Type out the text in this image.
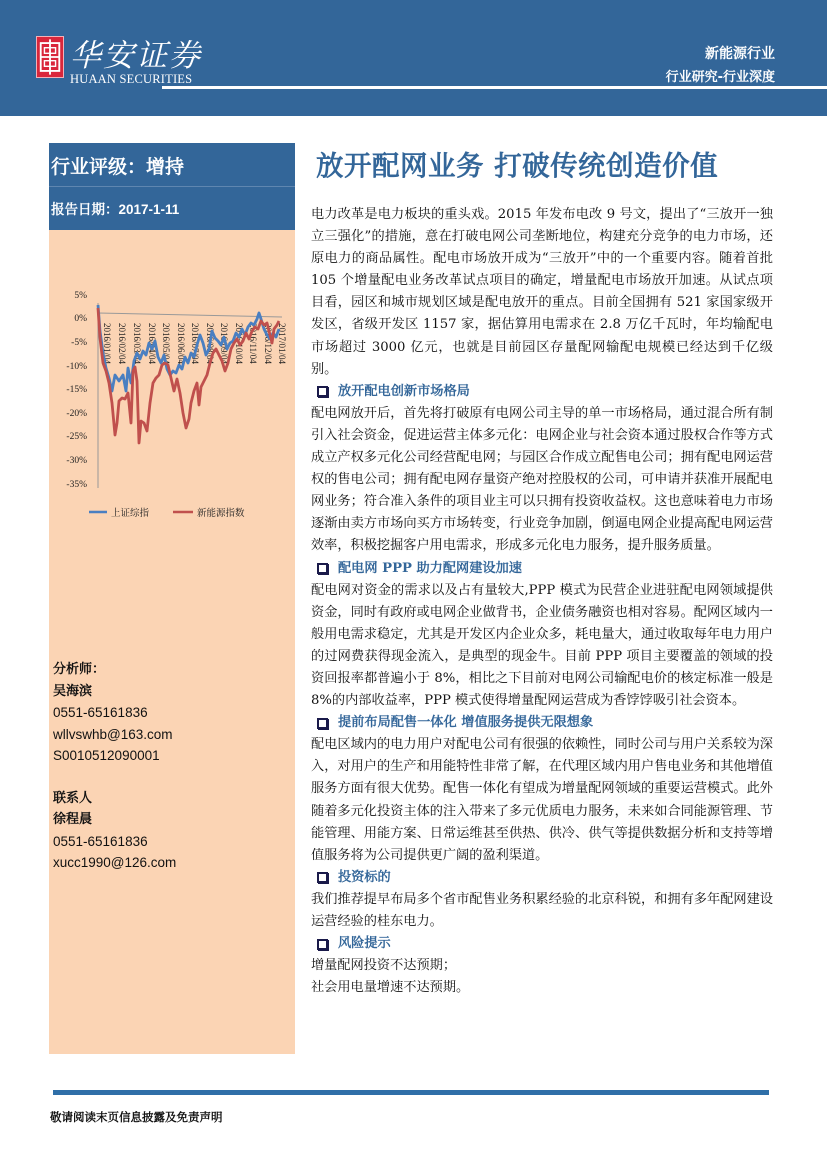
华安证券
HUAAN SECURITIES
新能源行业
行业研究-行业深度
行业评级：增持
报告日期：2017-1-11
5%
0%
-5%
-10%
-15%
-20%
-25%
-30%
-35%
2016/01/04 2016/02/04 2016/03/04 2016/04/04 2016/05/04 2016/06/04 2016/07/04 2016/08/04 2016/09/04 2016/10/04 2016/11/04 2016/12/04 2017/01/04
上证综指	新能源指数
分析师：
吴海滨
0551-65161836
wllvswhb@163.com
S0010512090001
联系人
徐程晨
0551-65161836
xucc1990@126.com
放开配网业务 打破传统创造价值

电力改革是电力板块的重头戏。2015 年发布电改 9 号文，提出了“三放开一独立三强化”的措施，意在打破电网公司垄断地位，构建充分竞争的电力市场，还原电力的商品属性。配电市场放开成为“三放开”中的一个重要内容。随着首批 105 个增量配电业务改革试点项目的确定，增量配电市场放开加速。从试点项目看，园区和城市规划区域是配电放开的重点。目前全国拥有 521 家国家级开发区，省级开发区 1157 家，据估算用电需求在 2.8 万亿千瓦时，年均输配电市场超过 3000 亿元，也就是目前园区存量配网输配电规模已经达到千亿级别。

放开配电创新市场格局

配电网放开后，首先将打破原有电网公司主导的单一市场格局，通过混合所有制引入社会资金，促进运营主体多元化：电网企业与社会资本通过股权合作等方式成立产权多元化公司经营配电网；与园区合作成立配售电公司；拥有配电网运营权的售电公司；拥有配电网存量资产绝对控股权的公司，可申请并获准开展配电网业务；符合准入条件的项目业主可以只拥有投资收益权。这也意味着电力市场逐渐由卖方市场向买方市场转变，行业竞争加剧，倒逼电网企业提高配电网运营效率，积极挖掘客户用电需求，形成多元化电力服务，提升服务质量。

配电网 PPP 助力配网建设加速

配电网对资金的需求以及占有量较大,PPP 模式为民营企业进驻配电网领域提供资金，同时有政府或电网企业做背书，企业债务融资也相对容易。配网区域内一般用电需求稳定，尤其是开发区内企业众多，耗电量大，通过收取每年电力用户的过网费获得现金流入，是典型的现金牛。目前 PPP 项目主要覆盖的领域的投资回报率都普遍小于 8%，相比之下目前对电网公司输配电价的核定标准一般是 8%的内部收益率，PPP 模式使得增量配网运营成为香饽饽吸引社会资本。

提前布局配售一体化 增值服务提供无限想象

配电区域内的电力用户对配电公司有很强的依赖性，同时公司与用户关系较为深入，对用户的生产和用能特性非常了解，在代理区域内用户售电业务和其他增值服务方面有很大优势。配售一体化有望成为增量配网领域的重要运营模式。此外随着多元化投资主体的注入带来了多元优质电力服务，未来如合同能源管理、节能管理、用能方案、日常运维甚至供热、供冷、供气等提供数据分析和支持等增值服务将为公司提供更广阔的盈利渠道。

投资标的

我们推荐提早布局多个省市配售业务积累经验的北京科锐，和拥有多年配网建设运营经验的桂东电力。

风险提示

增量配网投资不达预期；

社会用电量增速不达预期。

敬请阅读末页信息披露及免责声明
